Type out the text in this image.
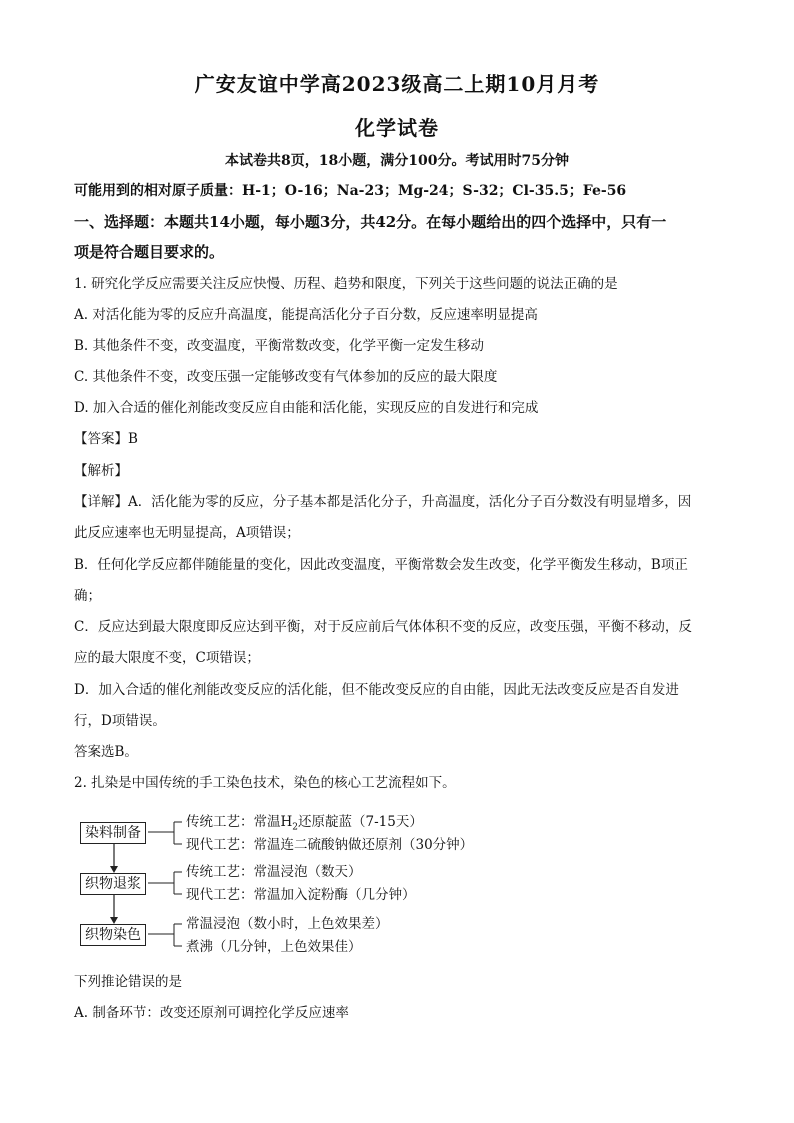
广安友谊中学高2023级高二上期10月月考
化学试卷
本试卷共8页，18小题，满分100分。考试用时75分钟
可能用到的相对原子质量：H-1；O-16；Na-23；Mg-24；S-32；Cl-35.5；Fe-56
一、选择题：本题共14小题，每小题3分，共42分。在每小题给出的四个选择中，只有一
项是符合题目要求的。
1. 研究化学反应需要关注反应快慢、历程、趋势和限度，下列关于这些问题的说法正确的是
A. 对活化能为零的反应升高温度，能提高活化分子百分数，反应速率明显提高
B. 其他条件不变，改变温度，平衡常数改变，化学平衡一定发生移动
C. 其他条件不变，改变压强一定能够改变有气体参加的反应的最大限度
D. 加入合适的催化剂能改变反应自由能和活化能，实现反应的自发进行和完成
【答案】B
【解析】
【详解】A．活化能为零的反应，分子基本都是活化分子，升高温度，活化分子百分数没有明显增多，因
此反应速率也无明显提高，A项错误；
B．任何化学反应都伴随能量的变化，因此改变温度，平衡常数会发生改变，化学平衡发生移动，B项正
确；
C．反应达到最大限度即反应达到平衡，对于反应前后气体体积不变的反应，改变压强，平衡不移动，反
应的最大限度不变，C项错误；
D．加入合适的催化剂能改变反应的活化能，但不能改变反应的自由能，因此无法改变反应是否自发进
行，D项错误。
答案选B。
2. 扎染是中国传统的手工染色技术，染色的核心工艺流程如下。
染料制备
织物退浆
织物染色
传统工艺：常温$H_2$还原靛蓝（7-15天）
现代工艺：常温连二硫酸钠做还原剂（30分钟）
传统工艺：常温浸泡（数天）
现代工艺：常温加入淀粉酶（几分钟）
常温浸泡（数小时，上色效果差）
煮沸（几分钟，上色效果佳）
下列推论错误的是
A. 制备环节：改变还原剂可调控化学反应速率
